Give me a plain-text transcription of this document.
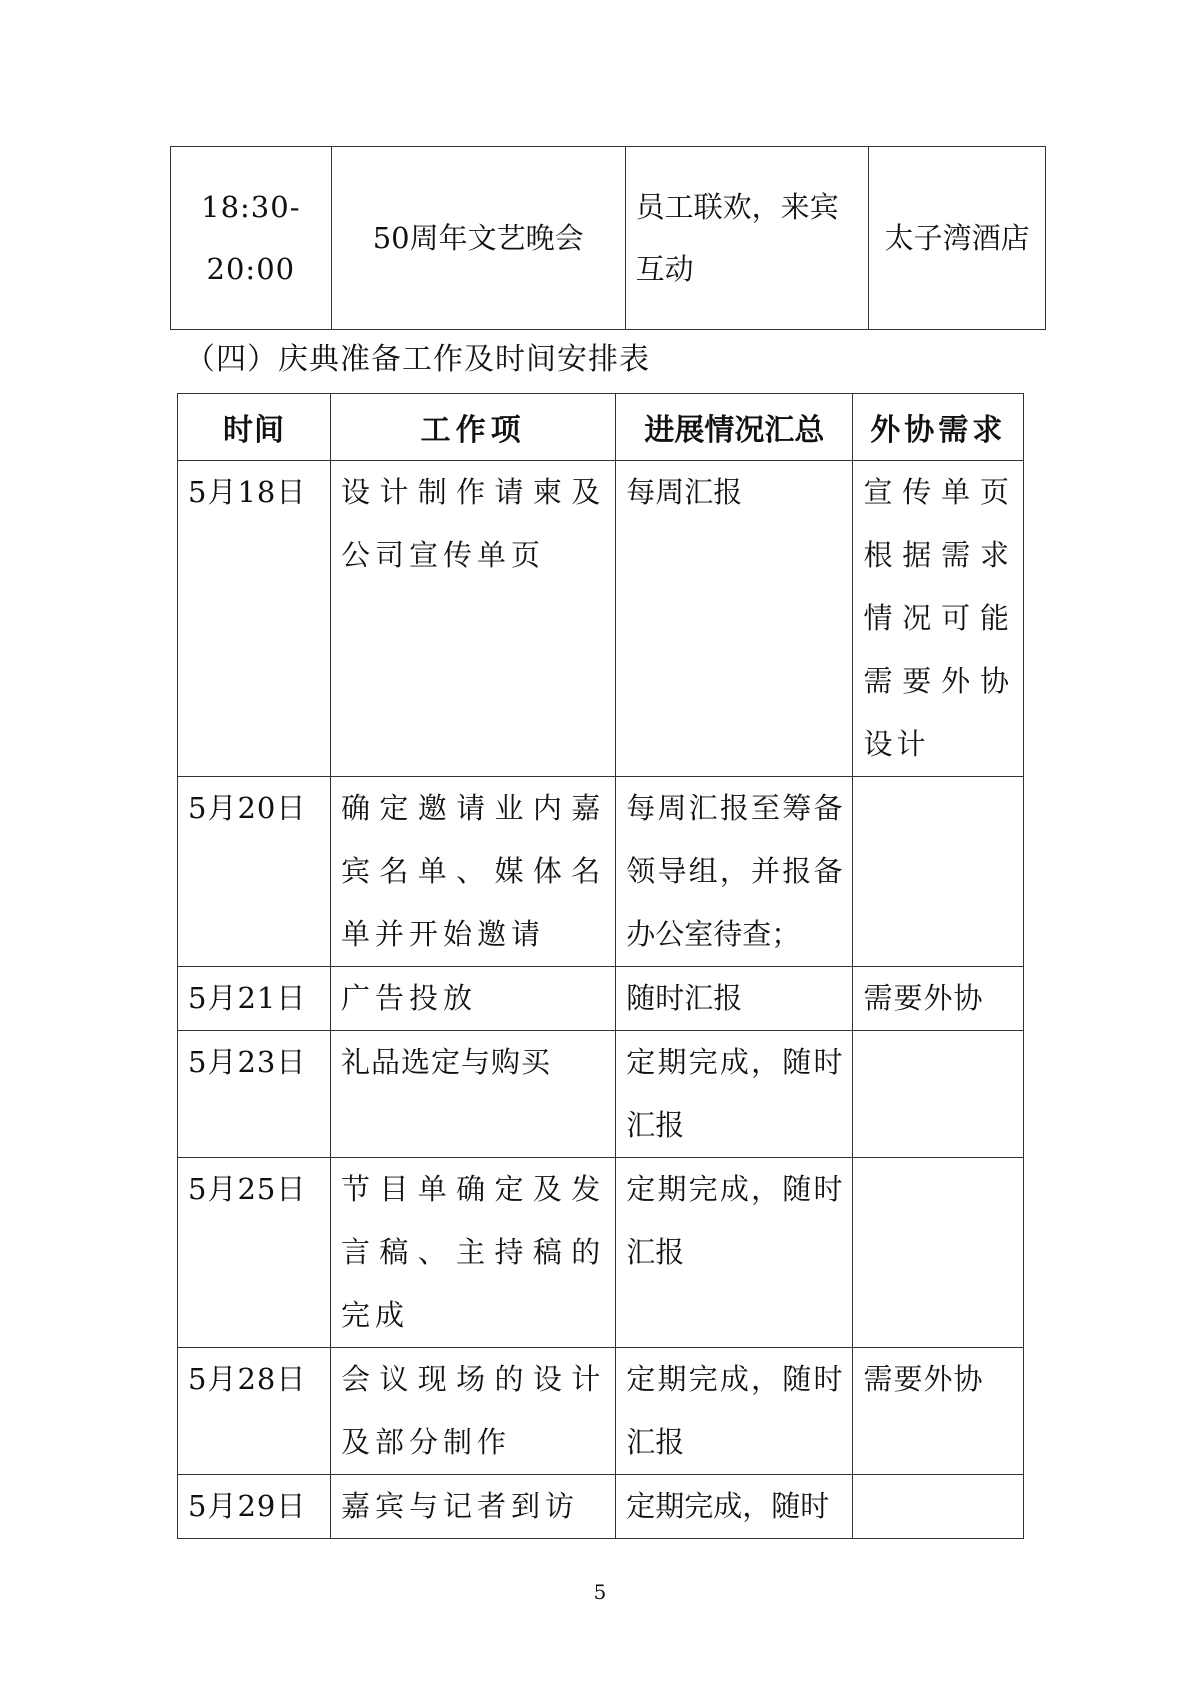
18:30-20:00	50周年文艺晚会	员工联欢，来宾互动	太子湾酒店
（四）庆典准备工作及时间安排表
时间	工作项	进展情况汇总	外协需求
5月18日	设计制作请柬及公司宣传单页	每周汇报	宣传单页根据需求情况可能需要外协设计
5月20日	确定邀请业内嘉宾名单、媒体名单并开始邀请	每周汇报至筹备领导组，并报备办公室待查；	
5月21日	广告投放	随时汇报	需要外协
5月23日	礼品选定与购买	定期完成，随时汇报	
5月25日	节目单确定及发言稿、主持稿的完成	定期完成，随时汇报	
5月28日	会议现场的设计及部分制作	定期完成，随时汇报	需要外协
5月29日	嘉宾与记者到访	定期完成，随时	
5
